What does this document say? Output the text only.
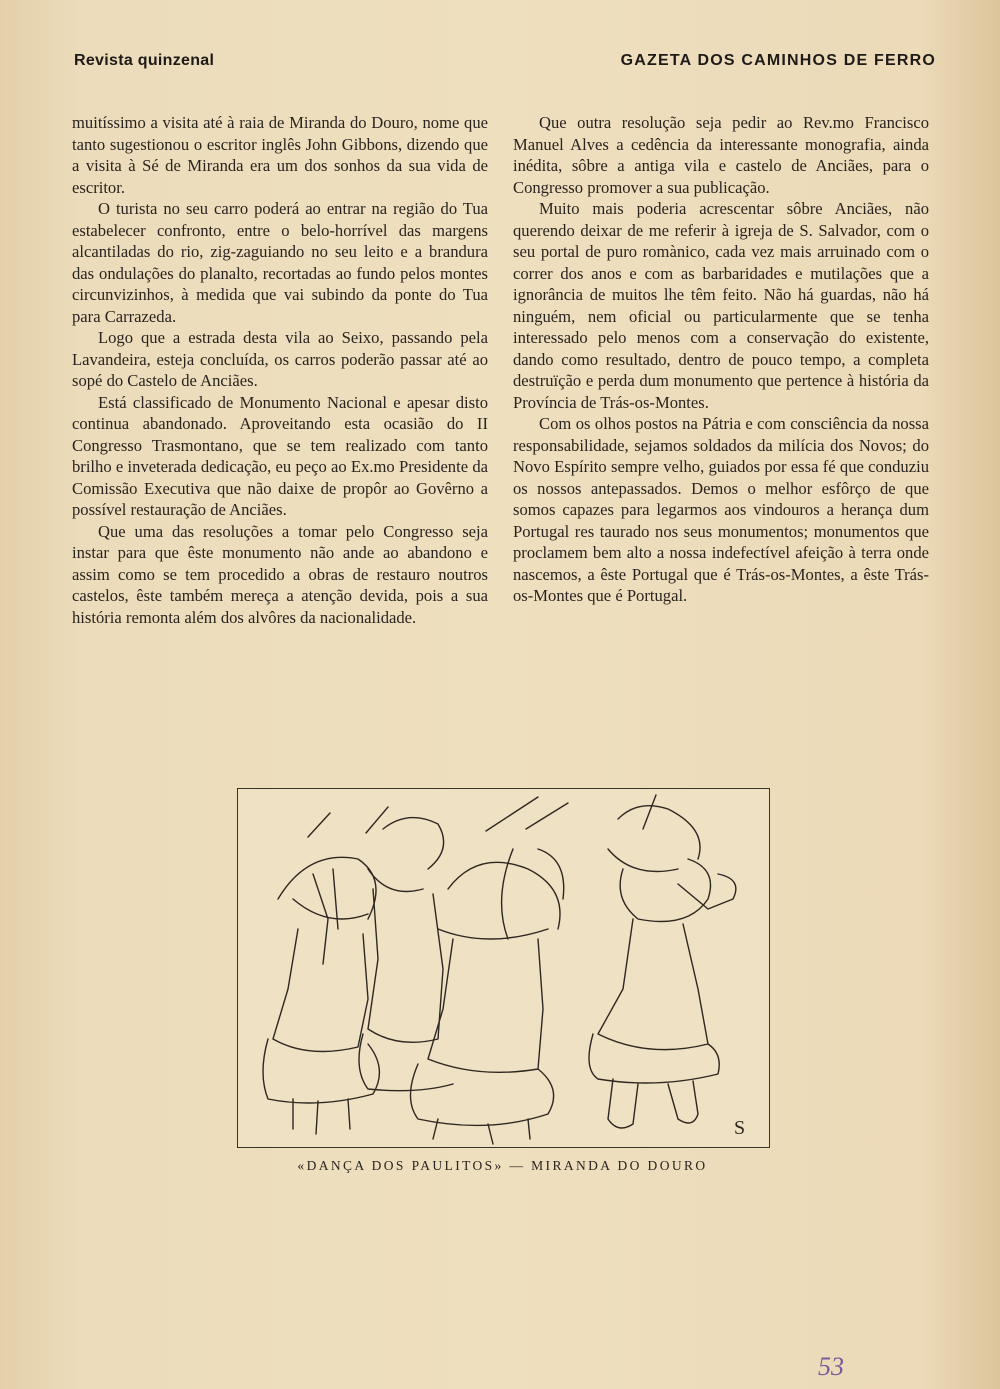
Revista quinzenal	GAZETA DOS CAMINHOS DE FERRO

muitíssimo a visita até à raia de Miranda do Douro, nome que tanto sugestionou o escritor inglês John Gibbons, dizendo que a visita à Sé de Miranda era um dos sonhos da sua vida de escritor.

O turista no seu carro poderá ao entrar na região do Tua estabelecer confronto, entre o belo-horrível das margens alcantiladas do rio, zig-zaguiando no seu leito e a brandura das ondulações do planalto, recortadas ao fundo pelos montes circunvizinhos, à medida que vai subindo da ponte do Tua para Carrazeda.

Logo que a estrada desta vila ao Seixo, passando pela Lavandeira, esteja concluída, os carros poderão passar até ao sopé do Castelo de Anciães.

Está classificado de Monumento Nacional e apesar disto continua abandonado. Aproveitando esta ocasião do II Congresso Trasmontano, que se tem realizado com tanto brilho e inveterada dedicação, eu peço ao Ex.mo Presidente da Comissão Executiva que não daixe de propôr ao Govêrno a possível restauração de Anciães.

Que uma das resoluções a tomar pelo Congresso seja instar para que êste monumento não ande ao abandono e assim como se tem procedido a obras de restauro noutros castelos, êste também mereça a atenção devida, pois a sua história remonta além dos alvôres da nacionalidade.

Que outra resolução seja pedir ao Rev.mo Francisco Manuel Alves a cedência da interessante monografia, ainda inédita, sôbre a antiga vila e castelo de Anciães, para o Congresso promover a sua publicação.

Muito mais poderia acrescentar sôbre Anciães, não querendo deixar de me referir à igreja de S. Salvador, com o seu portal de puro romànico, cada vez mais arruinado com o correr dos anos e com as barbaridades e mutilações que a ignorância de muitos lhe têm feito. Não há guardas, não há ninguém, nem oficial ou particularmente que se tenha interessado pelo menos com a conservação do existente, dando como resultado, dentro de pouco tempo, a completa destruïção e perda dum monumento que pertence à história da Província de Trás-os-Montes.

Com os olhos postos na Pátria e com consciência da nossa responsabilidade, sejamos soldados da milícia dos Novos; do Novo Espírito sempre velho, guiados por essa fé que conduziu os nossos antepassados. Demos o melhor esfôrço de que somos capazes para legarmos aos vindouros a herança dum Portugal res taurado nos seus monumentos; monumentos que proclamem bem alto a nossa indefectível afeição à terra onde nascemos, a êste Portugal que é Trás-os-Montes, a êste Trás-os-Montes que é Portugal.

S
«DANÇA DOS PAULITOS» — MIRANDA DO DOURO
53
